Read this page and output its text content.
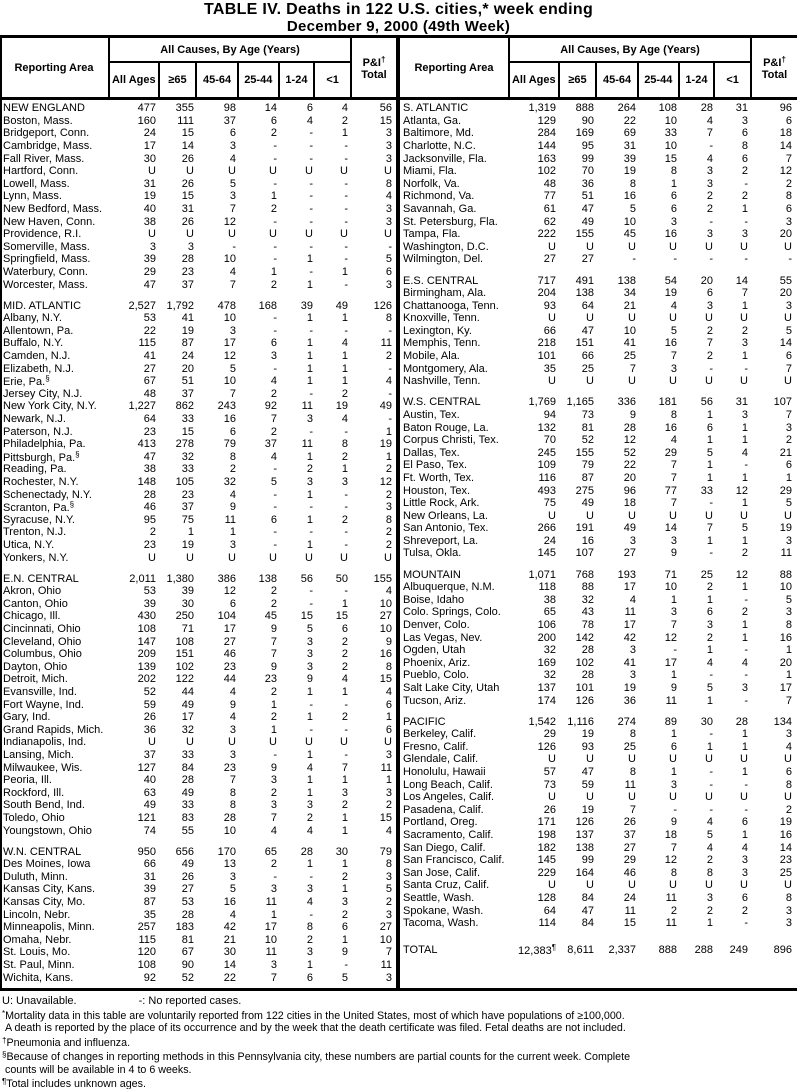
TABLE IV. Deaths in 122 U.S. cities,* week ending
December 9, 2000 (49th Week)
Reporting Area
All Causes, By Age (Years)
All Ages	≥65	45-64	25-44	1-24	<1
P&I†
Total
Reporting Area
All Causes, By Age (Years)
All Ages	≥65	45-64	25-44	1-24	<1
P&I†
Total
NEW ENGLAND	477	355	98	14	6	4	56
Boston, Mass.	160	111	37	6	4	2	15
Bridgeport, Conn.	24	15	6	2	-	1	3
Cambridge, Mass.	17	14	3	-	-	-	3
Fall River, Mass.	30	26	4	-	-	-	3
Hartford, Conn.	U	U	U	U	U	U	U
Lowell, Mass.	31	26	5	-	-	-	8
Lynn, Mass.	19	15	3	1	-	-	4
New Bedford, Mass.	40	31	7	2	-	-	3
New Haven, Conn.	38	26	12	-	-	-	3
Providence, R.I.	U	U	U	U	U	U	U
Somerville, Mass.	3	3	-	-	-	-	-
Springfield, Mass.	39	28	10	-	1	-	5
Waterbury, Conn.	29	23	4	1	-	1	6
Worcester, Mass.	47	37	7	2	1	-	3
MID. ATLANTIC	2,527 1,792	478	168	39	49	126
Albany, N.Y.	53	41	10	-	1	1	8
Allentown, Pa.	22	19	3	-	-	-	-
Buffalo, N.Y.	115	87	17	6	1	4	11
Camden, N.J.	41	24	12	3	1	1	2
Elizabeth, N.J.	27	20	5	-	1	1	-
Erie, Pa.§	67	51	10	4	1	1	4
Jersey City, N.J.	48	37	7	2	-	2	-
New York City, N.Y.	1,227	862	243	92	11	19	49
Newark, N.J.	64	33	16	7	3	4	-
Paterson, N.J.	23	15	6	2	-	-	1
Philadelphia, Pa.	413	278	79	37	11	8	19
Pittsburgh, Pa.§	47	32	8	4	1	2	1
Reading, Pa.	38	33	2	-	2	1	2
Rochester, N.Y.	148	105	32	5	3	3	12
Schenectady, N.Y.	28	23	4	-	1	-	2
Scranton, Pa.§	46	37	9	-	-	-	3
Syracuse, N.Y.	95	75	11	6	1	2	8
Trenton, N.J.	2	1	1	-	-	-	2
Utica, N.Y.	23	19	3	-	1	-	2
Yonkers, N.Y.	U	U	U	U	U	U	U
E.N. CENTRAL	2,011 1,380	386	138	56	50	155
Akron, Ohio	53	39	12	2	-	-	4
Canton, Ohio	39	30	6	2	-	1	10
Chicago, Ill.	430	250	104	45	15	15	27
Cincinnati, Ohio	108	71	17	9	5	6	10
Cleveland, Ohio	147	108	27	7	3	2	9
Columbus, Ohio	209	151	46	7	3	2	16
Dayton, Ohio	139	102	23	9	3	2	8
Detroit, Mich.	202	122	44	23	9	4	15
Evansville, Ind.	52	44	4	2	1	1	4
Fort Wayne, Ind.	59	49	9	1	-	-	6
Gary, Ind.	26	17	4	2	1	2	1
Grand Rapids, Mich.	36	32	3	1	-	-	6
Indianapolis, Ind.	U	U	U	U	U	U	U
Lansing, Mich.	37	33	3	-	1	-	3
Milwaukee, Wis.	127	84	23	9	4	7	11
Peoria, Ill.	40	28	7	3	1	1	1
Rockford, Ill.	63	49	8	2	1	3	3
South Bend, Ind.	49	33	8	3	3	2	2
Toledo, Ohio	121	83	28	7	2	1	15
Youngstown, Ohio	74	55	10	4	4	1	4
W.N. CENTRAL	950	656	170	65	28	30	79
Des Moines, Iowa	66	49	13	2	1	1	8
Duluth, Minn.	31	26	3	-	-	2	3
Kansas City, Kans.	39	27	5	3	3	1	5
Kansas City, Mo.	87	53	16	11	4	3	2
Lincoln, Nebr.	35	28	4	1	-	2	3
Minneapolis, Minn.	257	183	42	17	8	6	27
Omaha, Nebr.	115	81	21	10	2	1	10
St. Louis, Mo.	120	67	30	11	3	9	7
St. Paul, Minn.	108	90	14	3	1	-	11
Wichita, Kans.	92	52	22	7	6	5	3
S. ATLANTIC	1,319	888	264	108	28	31	96
Atlanta, Ga.	129	90	22	10	4	3	6
Baltimore, Md.	284	169	69	33	7	6	18
Charlotte, N.C.	144	95	31	10	-	8	14
Jacksonville, Fla.	163	99	39	15	4	6	7
Miami, Fla.	102	70	19	8	3	2	12
Norfolk, Va.	48	36	8	1	3	-	2
Richmond, Va.	77	51	16	6	2	2	8
Savannah, Ga.	61	47	5	6	2	1	6
St. Petersburg, Fla.	62	49	10	3	-	-	3
Tampa, Fla.	222	155	45	16	3	3	20
Washington, D.C.	U	U	U	U	U	U	U
Wilmington, Del.	27	27	-	-	-	-	-
E.S. CENTRAL	717	491	138	54	20	14	55
Birmingham, Ala.	204	138	34	19	6	7	20
Chattanooga, Tenn.	93	64	21	4	3	1	3
Knoxville, Tenn.	U	U	U	U	U	U	U
Lexington, Ky.	66	47	10	5	2	2	5
Memphis, Tenn.	218	151	41	16	7	3	14
Mobile, Ala.	101	66	25	7	2	1	6
Montgomery, Ala.	35	25	7	3	-	-	7
Nashville, Tenn.	U	U	U	U	U	U	U
W.S. CENTRAL	1,769 1,165	336	181	56	31	107
Austin, Tex.	94	73	9	8	1	3	7
Baton Rouge, La.	132	81	28	16	6	1	3
Corpus Christi, Tex.	70	52	12	4	1	1	2
Dallas, Tex.	245	155	52	29	5	4	21
El Paso, Tex.	109	79	22	7	1	-	6
Ft. Worth, Tex.	116	87	20	7	1	1	1
Houston, Tex.	493	275	96	77	33	12	29
Little Rock, Ark.	75	49	18	7	-	1	5
New Orleans, La.	U	U	U	U	U	U	U
San Antonio, Tex.	266	191	49	14	7	5	19
Shreveport, La.	24	16	3	3	1	1	3
Tulsa, Okla.	145	107	27	9	-	2	11
MOUNTAIN	1,071	768	193	71	25	12	88
Albuquerque, N.M.	118	88	17	10	2	1	10
Boise, Idaho	38	32	4	1	1	-	5
Colo. Springs, Colo.	65	43	11	3	6	2	3
Denver, Colo.	106	78	17	7	3	1	8
Las Vegas, Nev.	200	142	42	12	2	1	16
Ogden, Utah	32	28	3	-	1	-	1
Phoenix, Ariz.	169	102	41	17	4	4	20
Pueblo, Colo.	32	28	3	1	-	-	1
Salt Lake City, Utah	137	101	19	9	5	3	17
Tucson, Ariz.	174	126	36	11	1	-	7
PACIFIC	1,542	1,116	274	89	30	28	134
Berkeley, Calif.	29	19	8	1	-	1	3
Fresno, Calif.	126	93	25	6	1	1	4
Glendale, Calif.	U	U	U	U	U	U	U
Honolulu, Hawaii	57	47	8	1	-	1	6
Long Beach, Calif.	73	59	11	3	-	-	8
Los Angeles, Calif.	U	U	U	U	U	U	U
Pasadena, Calif.	26	19	7	-	-	-	2
Portland, Oreg.	171	126	26	9	4	6	19
Sacramento, Calif.	198	137	37	18	5	1	16
San Diego, Calif.	182	138	27	7	4	4	14
San Francisco, Calif.	145	99	29	12	2	3	23
San Jose, Calif.	229	164	46	8	8	3	25
Santa Cruz, Calif.	U	U	U	U	U	U	U
Seattle, Wash.	128	84	24	11	3	6	8
Spokane, Wash.	64	47	11	2	2	2	3
Tacoma, Wash.	114	84	15	11	1	-	3
TOTAL	12,383¶	8,611	2,337	888	288	249	896
U: Unavailable.	-: No reported cases.
*Mortality data in this table are voluntarily reported from 122 cities in the United States, most of which have populations of ≥100,000.
A death is reported by the place of its occurrence and by the week that the death certificate was filed. Fetal deaths are not included.
†Pneumonia and influenza.
§Because of changes in reporting methods in this Pennsylvania city, these numbers are partial counts for the current week. Complete
counts will be available in 4 to 6 weeks.
¶Total includes unknown ages.
